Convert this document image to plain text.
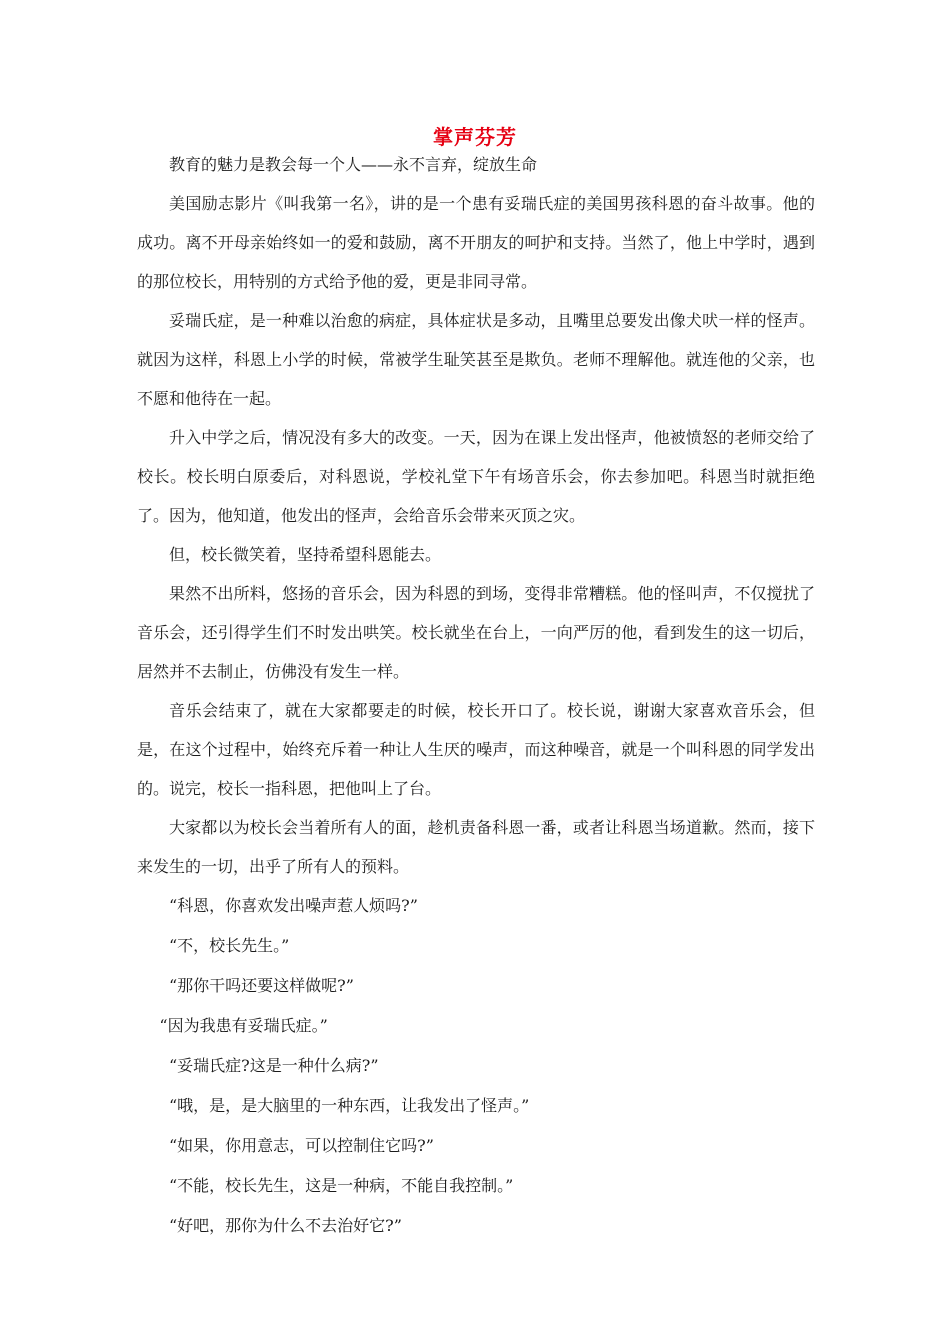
掌声芬芳

教育的魅力是教会每一个人——永不言弃，绽放生命

美国励志影片《叫我第一名》，讲的是一个患有妥瑞氏症的美国男孩科恩的奋斗故事。他的成功。离不开母亲始终如一的爱和鼓励，离不开朋友的呵护和支持。当然了，他上中学时，遇到的那位校长，用特别的方式给予他的爱，更是非同寻常。

妥瑞氏症，是一种难以治愈的病症，具体症状是多动，且嘴里总要发出像犬吠一样的怪声。就因为这样，科恩上小学的时候，常被学生耻笑甚至是欺负。老师不理解他。就连他的父亲，也不愿和他待在一起。

升入中学之后，情况没有多大的改变。一天，因为在课上发出怪声，他被愤怒的老师交给了校长。校长明白原委后，对科恩说，学校礼堂下午有场音乐会，你去参加吧。科恩当时就拒绝了。因为，他知道，他发出的怪声，会给音乐会带来灭顶之灾。

但，校长微笑着，坚持希望科恩能去。

果然不出所料，悠扬的音乐会，因为科恩的到场，变得非常糟糕。他的怪叫声，不仅搅扰了音乐会，还引得学生们不时发出哄笑。校长就坐在台上，一向严厉的他，看到发生的这一切后，居然并不去制止，仿佛没有发生一样。

音乐会结束了，就在大家都要走的时候，校长开口了。校长说，谢谢大家喜欢音乐会，但是，在这个过程中，始终充斥着一种让人生厌的噪声，而这种噪音，就是一个叫科恩的同学发出的。说完，校长一指科恩，把他叫上了台。

大家都以为校长会当着所有人的面，趁机责备科恩一番，或者让科恩当场道歉。然而，接下来发生的一切，出乎了所有人的预料。

“科恩，你喜欢发出噪声惹人烦吗?”

“不，校长先生。”

“那你干吗还要这样做呢?”

“因为我患有妥瑞氏症。”

“妥瑞氏症?这是一种什么病?”

“哦，是，是大脑里的一种东西，让我发出了怪声。”

“如果，你用意志，可以控制住它吗?”

“不能，校长先生，这是一种病，不能自我控制。”

“好吧，那你为什么不去治好它?”
